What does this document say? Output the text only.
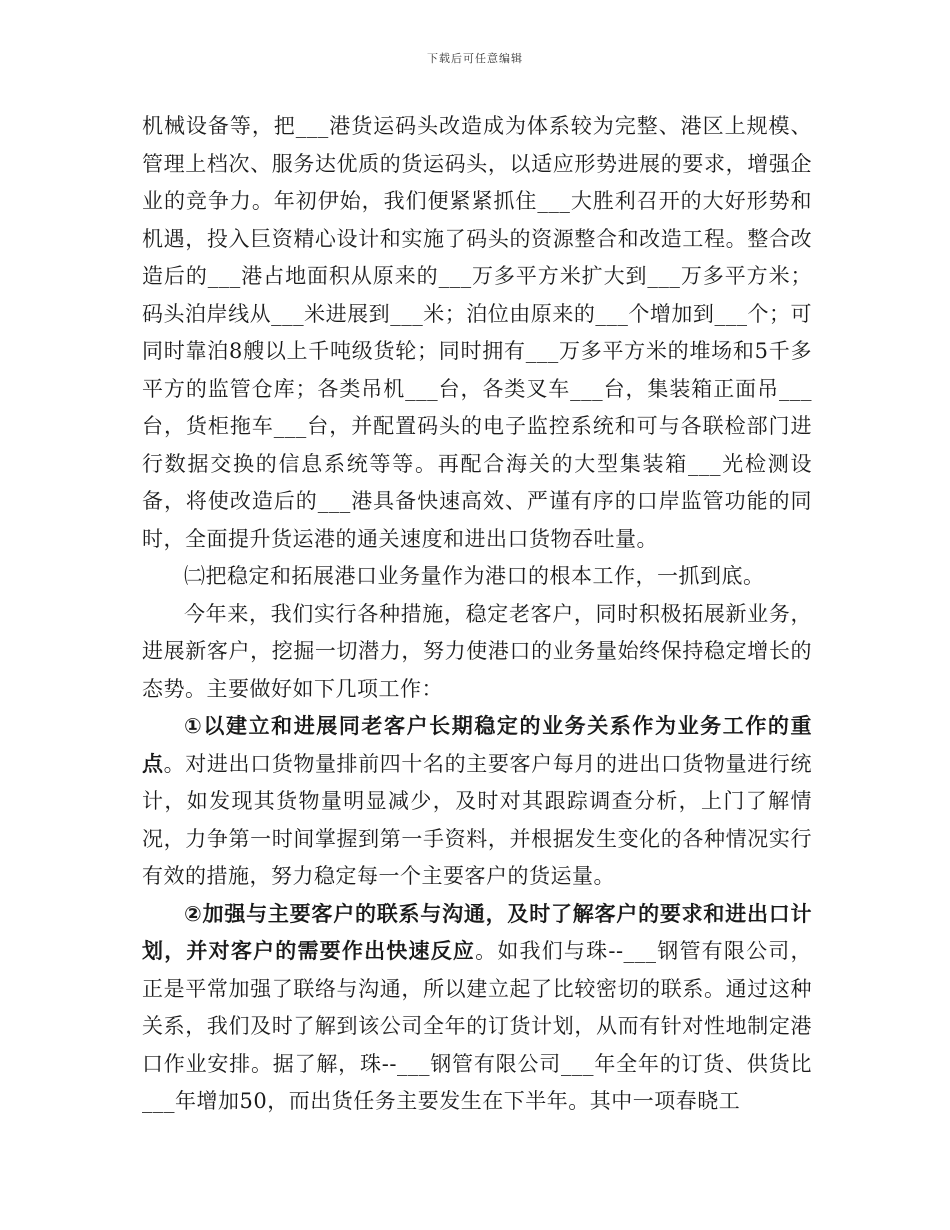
下载后可任意编辑

机械设备等，把___港货运码头改造成为体系较为完整、港区上规模、管理上档次、服务达优质的货运码头，以适应形势进展的要求，增强企业的竞争力。年初伊始，我们便紧紧抓住___大胜利召开的大好形势和机遇，投入巨资精心设计和实施了码头的资源整合和改造工程。整合改造后的___港占地面积从原来的___万多平方米扩大到___万多平方米；码头泊岸线从___米进展到___米；泊位由原来的___个增加到___个；可同时靠泊8艘以上千吨级货轮；同时拥有___万多平方米的堆场和5千多平方的监管仓库；各类吊机___台，各类叉车___台，集装箱正面吊___台，货柜拖车___台，并配置码头的电子监控系统和可与各联检部门进行数据交换的信息系统等等。再配合海关的大型集装箱___光检测设备，将使改造后的___港具备快速高效、严谨有序的口岸监管功能的同时，全面提升货运港的通关速度和进出口货物吞吐量。

㈡把稳定和拓展港口业务量作为港口的根本工作，一抓到底。

今年来，我们实行各种措施，稳定老客户，同时积极拓展新业务，进展新客户，挖掘一切潜力，努力使港口的业务量始终保持稳定增长的态势。主要做好如下几项工作：

①以建立和进展同老客户长期稳定的业务关系作为业务工作的重点。对进出口货物量排前四十名的主要客户每月的进出口货物量进行统计，如发现其货物量明显减少，及时对其跟踪调查分析，上门了解情况，力争第一时间掌握到第一手资料，并根据发生变化的各种情况实行有效的措施，努力稳定每一个主要客户的货运量。

②加强与主要客户的联系与沟通，及时了解客户的要求和进出口计划，并对客户的需要作出快速反应。如我们与珠--___钢管有限公司，正是平常加强了联络与沟通，所以建立起了比较密切的联系。通过这种关系，我们及时了解到该公司全年的订货计划，从而有针对性地制定港口作业安排。据了解，珠--___钢管有限公司___年全年的订货、供货比___年增加50，而出货任务主要发生在下半年。其中一项春晓工
